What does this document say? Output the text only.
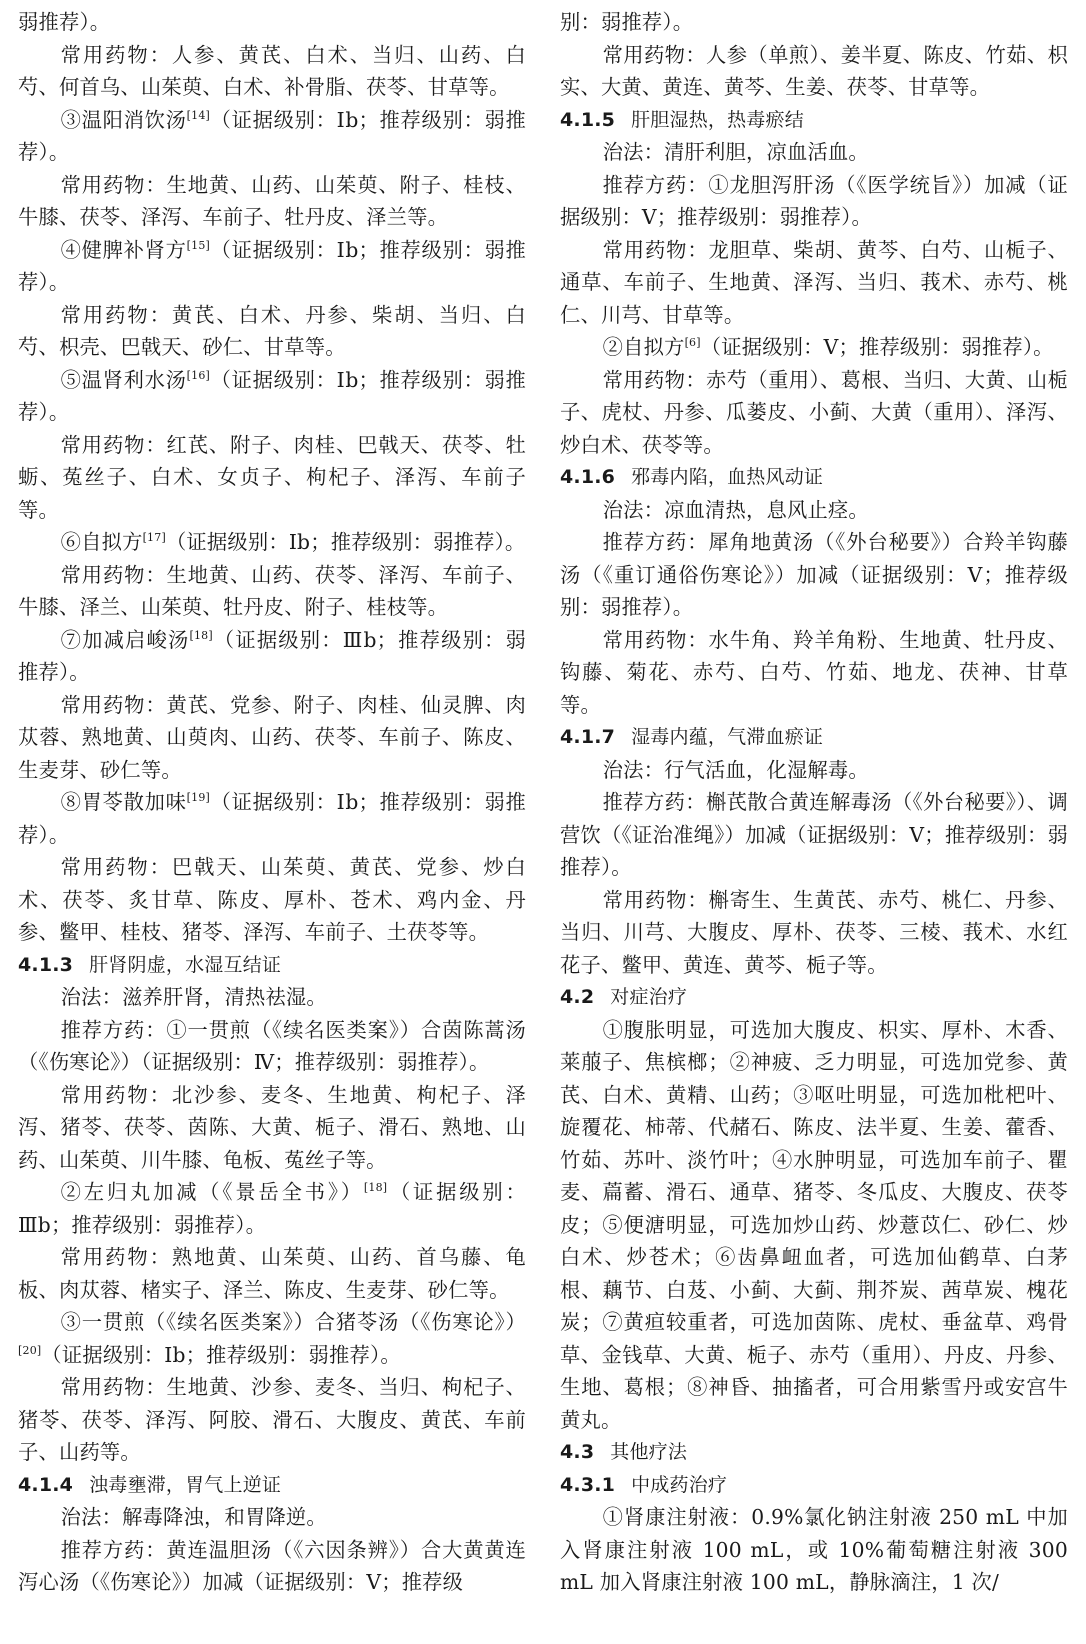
弱推荐）。

常用药物：人参、黄芪、白术、当归、山药、白芍、何首乌、山茱萸、白术、补骨脂、茯苓、甘草等。

③温阳消饮汤[14]（证据级别：Ⅰb；推荐级别：弱推荐）。

常用药物：生地黄、山药、山茱萸、附子、桂枝、牛膝、茯苓、泽泻、车前子、牡丹皮、泽兰等。

④健脾补肾方[15]（证据级别：Ⅰb；推荐级别：弱推荐）。

常用药物：黄芪、白术、丹参、柴胡、当归、白芍、枳壳、巴戟天、砂仁、甘草等。

⑤温肾利水汤[16]（证据级别：Ⅰb；推荐级别：弱推荐）。

常用药物：红芪、附子、肉桂、巴戟天、茯苓、牡蛎、菟丝子、白术、女贞子、枸杞子、泽泻、车前子等。

⑥自拟方[17]（证据级别：Ⅰb；推荐级别：弱推荐）。

常用药物：生地黄、山药、茯苓、泽泻、车前子、牛膝、泽兰、山茱萸、牡丹皮、附子、桂枝等。

⑦加减启峻汤[18]（证据级别：Ⅲb；推荐级别：弱推荐）。

常用药物：黄芪、党参、附子、肉桂、仙灵脾、肉苁蓉、熟地黄、山萸肉、山药、茯苓、车前子、陈皮、生麦芽、砂仁等。

⑧胃苓散加味[19]（证据级别：Ⅰb；推荐级别：弱推荐）。

常用药物：巴戟天、山茱萸、黄芪、党参、炒白术、茯苓、炙甘草、陈皮、厚朴、苍术、鸡内金、丹参、鳖甲、桂枝、猪苓、泽泻、车前子、土茯苓等。

4.1.3 肝肾阴虚，水湿互结证

治法：滋养肝肾，清热祛湿。

推荐方药：①一贯煎（《续名医类案》）合茵陈蒿汤（《伤寒论》）（证据级别：Ⅳ；推荐级别：弱推荐）。

常用药物：北沙参、麦冬、生地黄、枸杞子、泽泻、猪苓、茯苓、茵陈、大黄、栀子、滑石、熟地、山药、山茱萸、川牛膝、龟板、菟丝子等。

②左归丸加减（《景岳全书》）[18]（证据级别：Ⅲb；推荐级别：弱推荐）。

常用药物：熟地黄、山茱萸、山药、首乌藤、龟板、肉苁蓉、楮实子、泽兰、陈皮、生麦芽、砂仁等。

③一贯煎（《续名医类案》）合猪苓汤（《伤寒论》）[20]（证据级别：Ⅰb；推荐级别：弱推荐）。

常用药物：生地黄、沙参、麦冬、当归、枸杞子、猪苓、茯苓、泽泻、阿胶、滑石、大腹皮、黄芪、车前子、山药等。

4.1.4 浊毒壅滞，胃气上逆证

治法：解毒降浊，和胃降逆。

推荐方药：黄连温胆汤（《六因条辨》）合大黄黄连泻心汤（《伤寒论》）加减（证据级别：Ⅴ；推荐级

别：弱推荐）。

常用药物：人参（单煎）、姜半夏、陈皮、竹茹、枳实、大黄、黄连、黄芩、生姜、茯苓、甘草等。

4.1.5 肝胆湿热，热毒瘀结

治法：清肝利胆，凉血活血。

推荐方药：①龙胆泻肝汤（《医学统旨》）加减（证据级别：Ⅴ；推荐级别：弱推荐）。

常用药物：龙胆草、柴胡、黄芩、白芍、山栀子、通草、车前子、生地黄、泽泻、当归、莪术、赤芍、桃仁、川芎、甘草等。

②自拟方[6]（证据级别：Ⅴ；推荐级别：弱推荐）。

常用药物：赤芍（重用）、葛根、当归、大黄、山栀子、虎杖、丹参、瓜蒌皮、小蓟、大黄（重用）、泽泻、炒白术、茯苓等。

4.1.6 邪毒内陷，血热风动证

治法：凉血清热，息风止痉。

推荐方药：犀角地黄汤（《外台秘要》）合羚羊钩藤汤（《重订通俗伤寒论》）加减（证据级别：Ⅴ；推荐级别：弱推荐）。

常用药物：水牛角、羚羊角粉、生地黄、牡丹皮、钩藤、菊花、赤芍、白芍、竹茹、地龙、茯神、甘草等。

4.1.7 湿毒内蕴，气滞血瘀证

治法：行气活血，化湿解毒。

推荐方药：槲芪散合黄连解毒汤（《外台秘要》）、调营饮（《证治准绳》）加减（证据级别：Ⅴ；推荐级别：弱推荐）。

常用药物：槲寄生、生黄芪、赤芍、桃仁、丹参、当归、川芎、大腹皮、厚朴、茯苓、三棱、莪术、水红花子、鳖甲、黄连、黄芩、栀子等。

4.2 对症治疗

①腹胀明显，可选加大腹皮、枳实、厚朴、木香、莱菔子、焦槟榔；②神疲、乏力明显，可选加党参、黄芪、白术、黄精、山药；③呕吐明显，可选加枇杷叶、旋覆花、柿蒂、代赭石、陈皮、法半夏、生姜、藿香、竹茹、苏叶、淡竹叶；④水肿明显，可选加车前子、瞿麦、萹蓄、滑石、通草、猪苓、冬瓜皮、大腹皮、茯苓皮；⑤便溏明显，可选加炒山药、炒薏苡仁、砂仁、炒白术、炒苍术；⑥齿鼻衄血者，可选加仙鹤草、白茅根、藕节、白芨、小蓟、大蓟、荆芥炭、茜草炭、槐花炭；⑦黄疸较重者，可选加茵陈、虎杖、垂盆草、鸡骨草、金钱草、大黄、栀子、赤芍（重用）、丹皮、丹参、生地、葛根；⑧神昏、抽搐者，可合用紫雪丹或安宫牛黄丸。

4.3 其他疗法

4.3.1 中成药治疗

①肾康注射液：0.9%氯化钠注射液 250 mL 中加入肾康注射液 100 mL，或 10%葡萄糖注射液 300 mL 加入肾康注射液 100 mL，静脉滴注，1 次/
